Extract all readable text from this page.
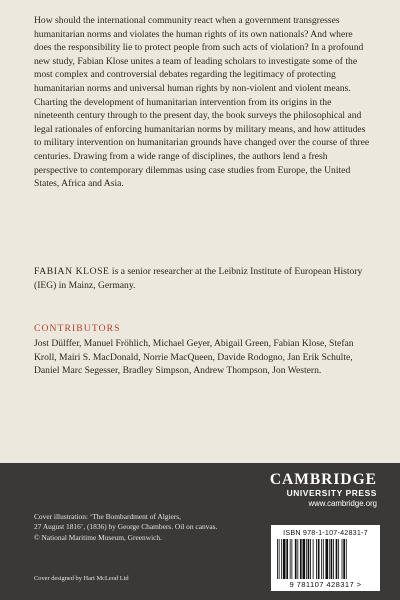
How should the international community react when a government transgresses humanitarian norms and violates the human rights of its own nationals? And where does the responsibility lie to protect people from such acts of violation? In a profound new study, Fabian Klose unites a team of leading scholars to investigate some of the most complex and controversial debates regarding the legitimacy of protecting humanitarian norms and universal human rights by non-violent and violent means. Charting the development of humanitarian intervention from its origins in the nineteenth century through to the present day, the book surveys the philosophical and legal rationales of enforcing humanitarian norms by military means, and how attitudes to military intervention on humanitarian grounds have changed over the course of three centuries. Drawing from a wide range of disciplines, the authors lend a fresh perspective to contemporary dilemmas using case studies from Europe, the United States, Africa and Asia.

FABIAN KLOSE is a senior researcher at the Leibniz Institute of European History (IEG) in Mainz, Germany.

CONTRIBUTORS

Jost Dülffer, Manuel Fröhlich, Michael Geyer, Abigail Green, Fabian Klose, Stefan Kroll, Mairi S. MacDonald, Norrie MacQueen, Davide Rodogno, Jan Erik Schulte, Daniel Marc Segesser, Bradley Simpson, Andrew Thompson, Jon Western.

CAMBRIDGE
UNIVERSITY PRESS
www.cambridge.org

Cover illustration: ‘The Bombardment of Algiers,
27 August 1816’, (1836) by George Chambers. Oil on canvas.
© National Maritime Museum, Greenwich.

Cover designed by Hart McLeod Ltd

ISBN 978-1-107-42831-7
9 781107 428317 >
